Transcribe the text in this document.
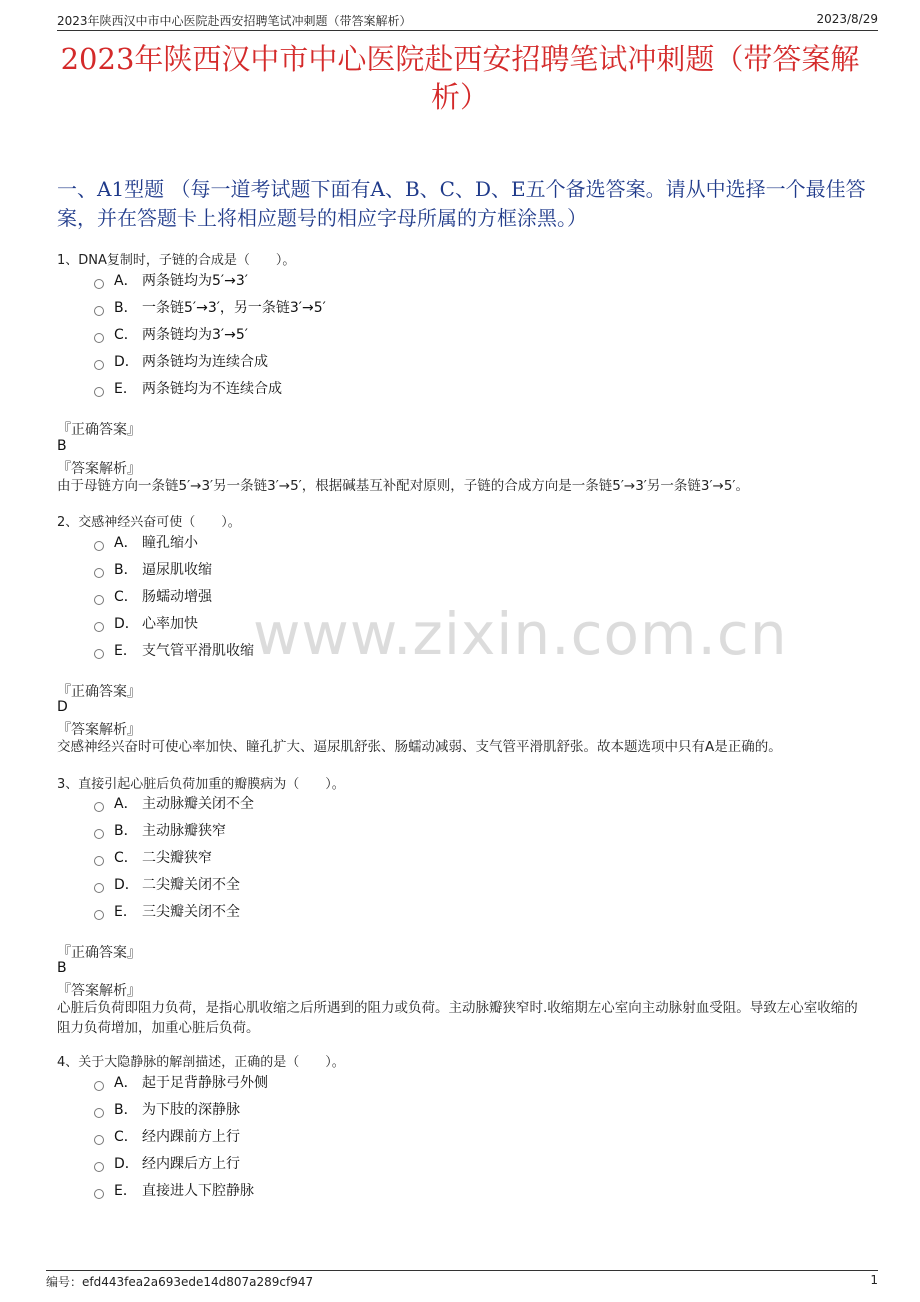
2023年陕西汉中市中心医院赴西安招聘笔试冲刺题（带答案解析）	2023/8/29
2023年陕西汉中市中心医院赴西安招聘笔试冲刺题（带答案解析）
一、A1型题 （每一道考试题下面有A、B、C、D、E五个备选答案。请从中选择一个最佳答案，并在答题卡上将相应题号的相应字母所属的方框涂黑。）
www.zixin.com.cn
1、DNA复制时，子链的合成是（　　）。
A． 两条链均为5′→3′
B． 一条链5′→3′，另一条链3′→5′
C． 两条链均为3′→5′
D． 两条链均为连续合成
E． 两条链均为不连续合成
『正确答案』
B
『答案解析』
由于母链方向一条链5′→3′另一条链3′→5′，根据碱基互补配对原则，子链的合成方向是一条链5′→3′另一条链3′→5′。
2、交感神经兴奋可使（　　）。
A． 瞳孔缩小
B． 逼尿肌收缩
C． 肠蠕动增强
D． 心率加快
E． 支气管平滑肌收缩
『正确答案』
D
『答案解析』
交感神经兴奋时可使心率加快、瞳孔扩大、逼尿肌舒张、肠蠕动减弱、支气管平滑肌舒张。故本题选项中只有A是正确的。
3、直接引起心脏后负荷加重的瓣膜病为（　　）。
A． 主动脉瓣关闭不全
B． 主动脉瓣狭窄
C． 二尖瓣狭窄
D． 二尖瓣关闭不全
E． 三尖瓣关闭不全
『正确答案』
B
『答案解析』
心脏后负荷即阻力负荷，是指心肌收缩之后所遇到的阻力或负荷。主动脉瓣狭窄时.收缩期左心室向主动脉射血受阻。导致左心室收缩的阻力负荷增加，加重心脏后负荷。
4、关于大隐静脉的解剖描述，正确的是（　　）。
A． 起于足背静脉弓外侧
B． 为下肢的深静脉
C． 经内踝前方上行
D． 经内踝后方上行
E． 直接进人下腔静脉
编号：efd443fea2a693ede14d807a289cf947	1
